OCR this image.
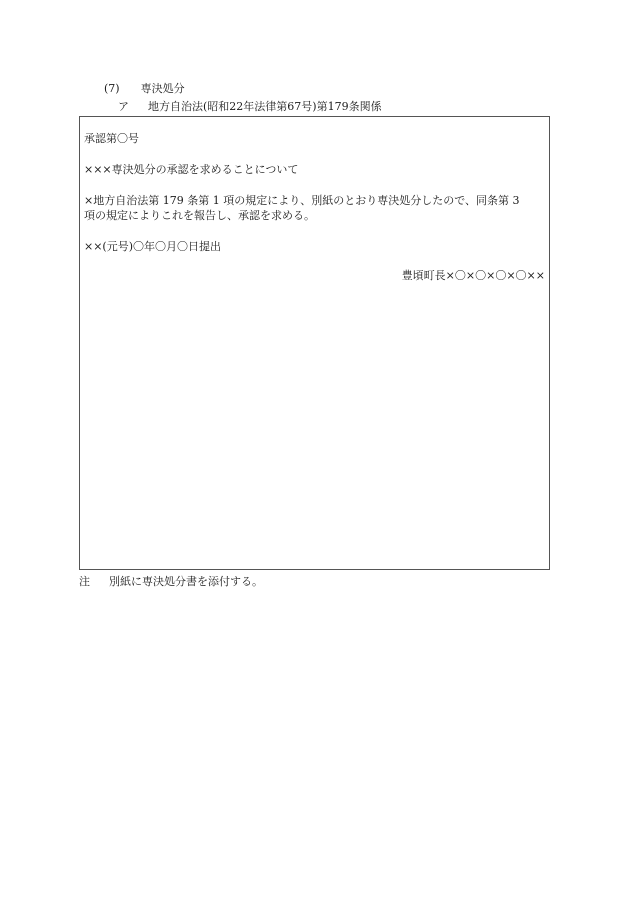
(7) 専決処分
ア 地方自治法(昭和22年法律第67号)第179条関係
承認第〇号
×××専決処分の承認を求めることについて
×地方自治法第 179 条第 1 項の規定により、別紙のとおり専決処分したので、同条第 3
項の規定によりこれを報告し、承認を求める。
××(元号)〇年〇月〇日提出
豊頃町長×〇×〇×〇×〇××
注 別紙に専決処分書を添付する。
